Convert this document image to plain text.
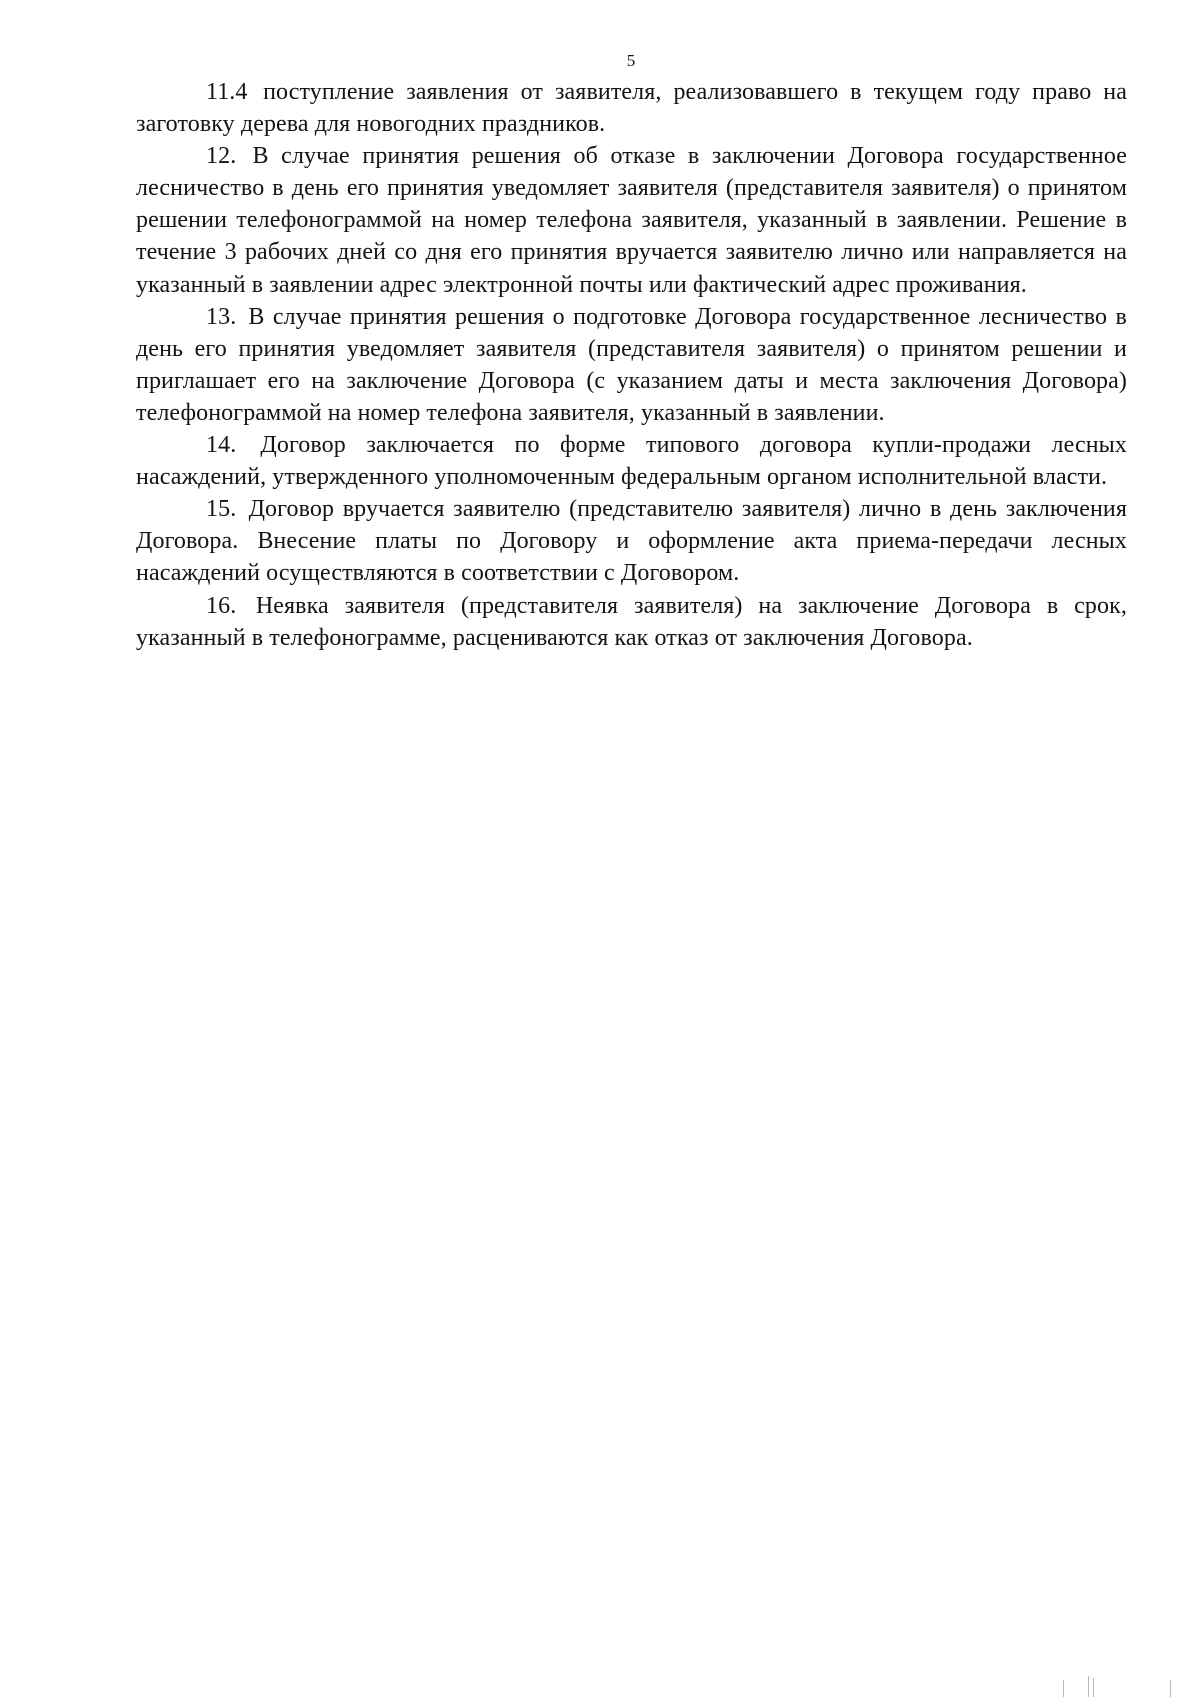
5

11.4 поступление заявления от заявителя, реализовавшего в текущем году право на заготовку дерева для новогодних праздников.

12. В случае принятия решения об отказе в заключении Договора государственное лесничество в день его принятия уведомляет заявителя (представителя заявителя) о принятом решении телефонограммой на номер телефона заявителя, указанный в заявлении. Решение в течение 3 рабочих дней со дня его принятия вручается заявителю лично или направляется на указанный в заявлении адрес электронной почты или фактический адрес проживания.

13. В случае принятия решения о подготовке Договора государственное лесничество в день его принятия уведомляет заявителя (представителя заявителя) о принятом решении и приглашает его на заключение Договора (с указанием даты и места заключения Договора) телефонограммой на номер телефона заявителя, указанный в заявлении.

14. Договор заключается по форме типового договора купли-продажи лесных насаждений, утвержденного уполномоченным федеральным органом исполнительной власти.

15. Договор вручается заявителю (представителю заявителя) лично в день заключения Договора. Внесение платы по Договору и оформление акта приема-передачи лесных насаждений осуществляются в соответствии с Договором.

16. Неявка заявителя (представителя заявителя) на заключение Договора в срок, указанный в телефонограмме, расцениваются как отказ от заключения Договора.
